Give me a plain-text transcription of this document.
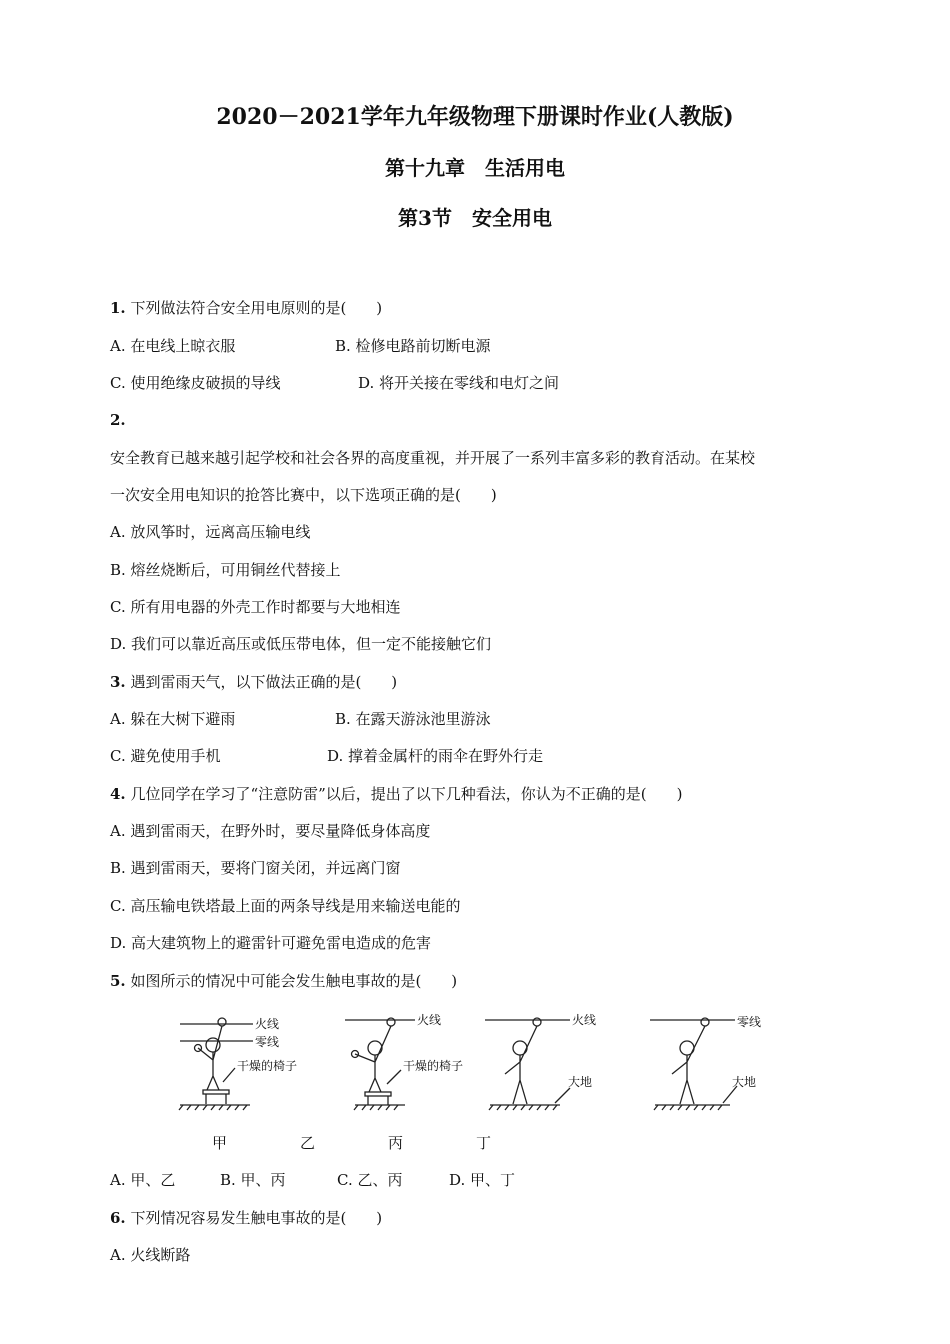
2020－2021学年九年级物理下册课时作业(人教版)
第十九章　生活用电
第3节　安全用电
1. 下列做法符合安全用电原则的是(　　)
A. 在电线上晾衣服	B. 检修电路前切断电源
C. 使用绝缘皮破损的导线	D. 将开关接在零线和电灯之间
2.
安全教育已越来越引起学校和社会各界的高度重视，并开展了一系列丰富多彩的教育活动。在某校
一次安全用电知识的抢答比赛中，以下选项正确的是(　　)
A. 放风筝时，远离高压输电线
B. 熔丝烧断后，可用铜丝代替接上
C. 所有用电器的外壳工作时都要与大地相连
D. 我们可以靠近高压或低压带电体，但一定不能接触它们
3. 遇到雷雨天气，以下做法正确的是(　　)
A. 躲在大树下避雨	B. 在露天游泳池里游泳
C. 避免使用手机	D. 撑着金属杆的雨伞在野外行走
4. 几位同学在学习了“注意防雷”以后，提出了以下几种看法，你认为不正确的是(　　)
A. 遇到雷雨天，在野外时，要尽量降低身体高度
B. 遇到雷雨天，要将门窗关闭，并远离门窗
C. 高压输电铁塔最上面的两条导线是用来输送电能的
D. 高大建筑物上的避雷针可避免雷电造成的危害
5. 如图所示的情况中可能会发生触电事故的是(　　)
火线
零线
干燥的椅子
火线
干燥的椅子
火线
大地
零线
大地
甲	乙	丙	丁
A. 甲、乙	B. 甲、丙	C. 乙、丙	D. 甲、丁
6. 下列情况容易发生触电事故的是(　　)
A. 火线断路
